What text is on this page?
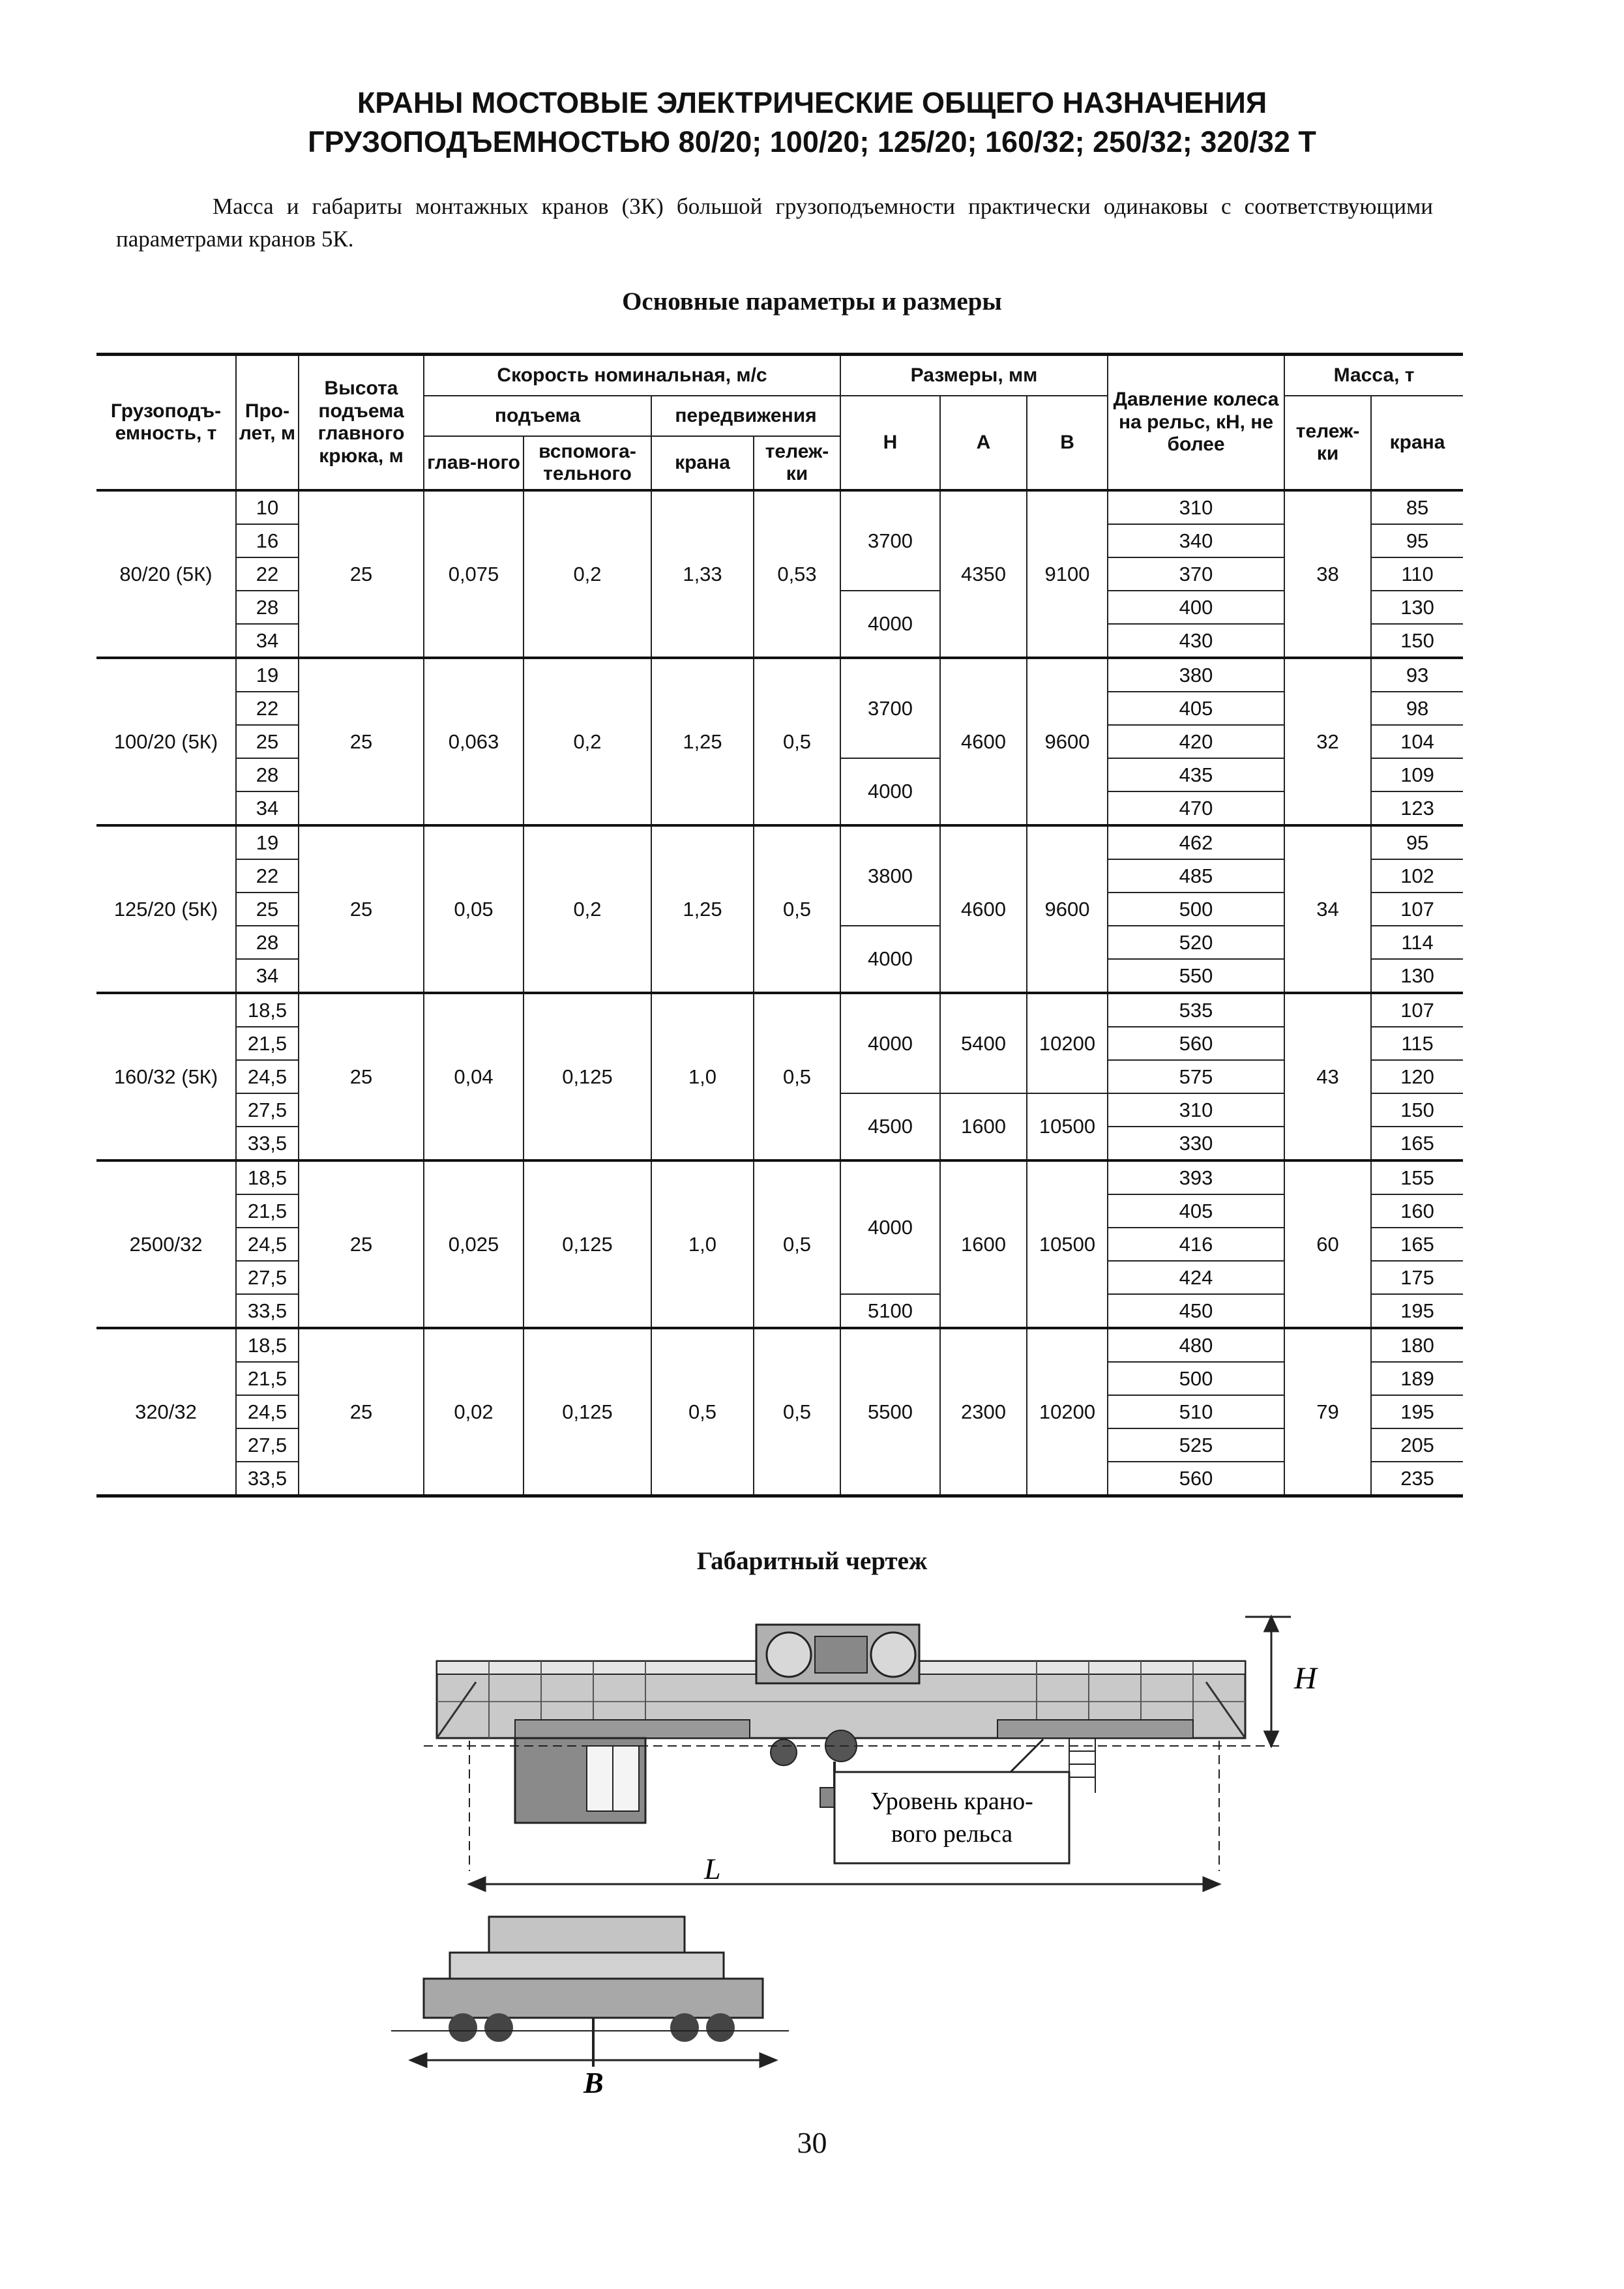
КРАНЫ МОСТОВЫЕ ЭЛЕКТРИЧЕСКИЕ ОБЩЕГО НАЗНАЧЕНИЯ
ГРУЗОПОДЪЕМНОСТЬЮ 80/20; 100/20; 125/20; 160/32; 250/32; 320/32 Т
Масса и габариты монтажных кранов (3К) большой грузоподъемности практически одинаковы с соответствующими параметрами кранов 5К.
Основные параметры и размеры
Грузоподъ-емность, т	Про-лет, м	Высота подъема главного крюка, м	Скорость номинальная, м/с				Размеры, мм			Давление колеса на рельс, кН, не более	Масса, т	
			подъема		передвижения		Н	А	В		тележ-ки	крана
			глав-ного	вспомога-тельного	крана	тележ-ки						
80/20 (5К)	10	25	0,075	0,2	1,33	0,53	3700	4350	9100	310	38	85
	16									340		95
	22									370		110
	28						4000			400		130
	34									430		150
100/20 (5К)	19	25	0,063	0,2	1,25	0,5	3700	4600	9600	380	32	93
	22									405		98
	25									420		104
	28						4000			435		109
	34									470		123
125/20 (5К)	19	25	0,05	0,2	1,25	0,5	3800	4600	9600	462	34	95
	22									485		102
	25									500		107
	28						4000			520		114
	34									550		130
160/32 (5К)	18,5	25	0,04	0,125	1,0	0,5	4000	5400	10200	535	43	107
	21,5									560		115
	24,5									575		120
	27,5						4500	1600	10500	310		150
	33,5									330		165
2500/32	18,5	25	0,025	0,125	1,0	0,5	4000	1600	10500	393	60	155
	21,5									405		160
	24,5									416		165
	27,5									424		175
	33,5						5100			450		195
320/32	18,5	25	0,02	0,125	0,5	0,5	5500	2300	10200	480	79	180
	21,5									500		189
	24,5									510		195
	27,5									525		205
	33,5									560		235
Габаритный чертеж
H
Уровень крано-
вого рельса
L
B
30
